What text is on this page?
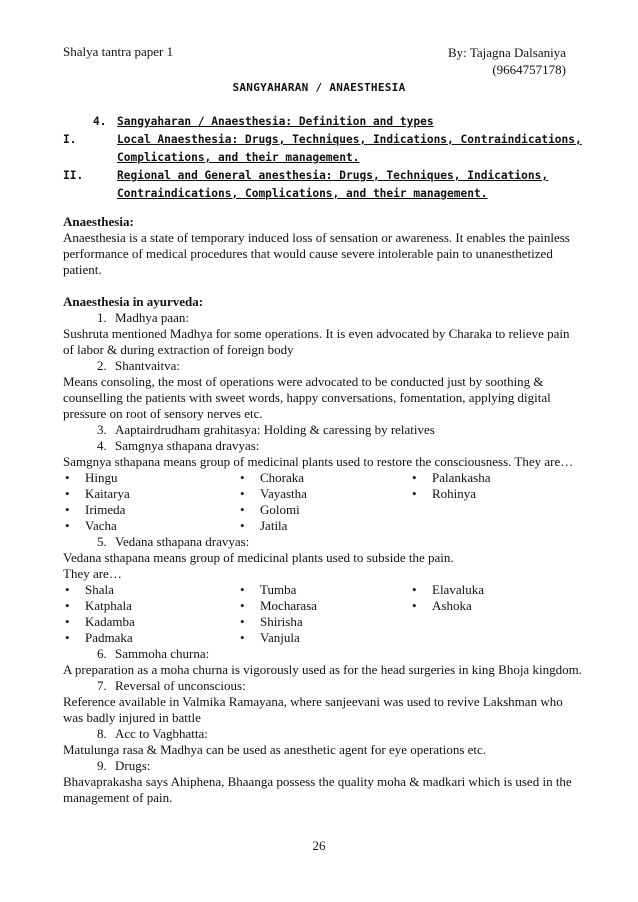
Shalya tantra paper 1	By: Tajagna Dalsaniya
(9664757178)
SANGYAHARAN / ANAESTHESIA
4. Sangyaharan / Anaesthesia: Definition and types
I.	Local Anaesthesia: Drugs, Techniques, Indications, Contraindications, Complications, and their management.
II.	Regional and General anesthesia: Drugs, Techniques, Indications, Contraindications, Complications, and their management.
Anaesthesia:
Anaesthesia is a state of temporary induced loss of sensation or awareness. It enables the painless performance of medical procedures that would cause severe intolerable pain to unanesthetized patient.
Anaesthesia in ayurveda:
1. Madhya paan:
Sushruta mentioned Madhya for some operations. It is even advocated by Charaka to relieve pain of labor & during extraction of foreign body
2. Shantvaitva:
Means consoling, the most of operations were advocated to be conducted just by soothing & counselling the patients with sweet words, happy conversations, fomentation, applying digital pressure on root of sensory nerves etc.
3. Aaptairdrudham grahitasya: Holding & caressing by relatives
4. Samgnya sthapana dravyas:
Samgnya sthapana means group of medicinal plants used to restore the consciousness. They are…
• Hingu	• Choraka	• Palankasha
• Kaitarya	• Vayastha	• Rohinya
• Irimeda	• Golomi
• Vacha	• Jatila
5. Vedana sthapana dravyas:
Vedana sthapana means group of medicinal plants used to subside the pain.
They are…
• Shala	• Tumba	• Elavaluka
• Katphala	• Mocharasa	• Ashoka
• Kadamba	• Shirisha
• Padmaka	• Vanjula
6. Sammoha churna:
A preparation as a moha churna is vigorously used as for the head surgeries in king Bhoja kingdom.
7. Reversal of unconscious:
Reference available in Valmika Ramayana, where sanjeevani was used to revive Lakshman who was badly injured in battle
8. Acc to Vagbhatta:
Matulunga rasa & Madhya can be used as anesthetic agent for eye operations etc.
9. Drugs:
Bhavaprakasha says Ahiphena, Bhaanga possess the quality moha & madkari which is used in the management of pain.
26
